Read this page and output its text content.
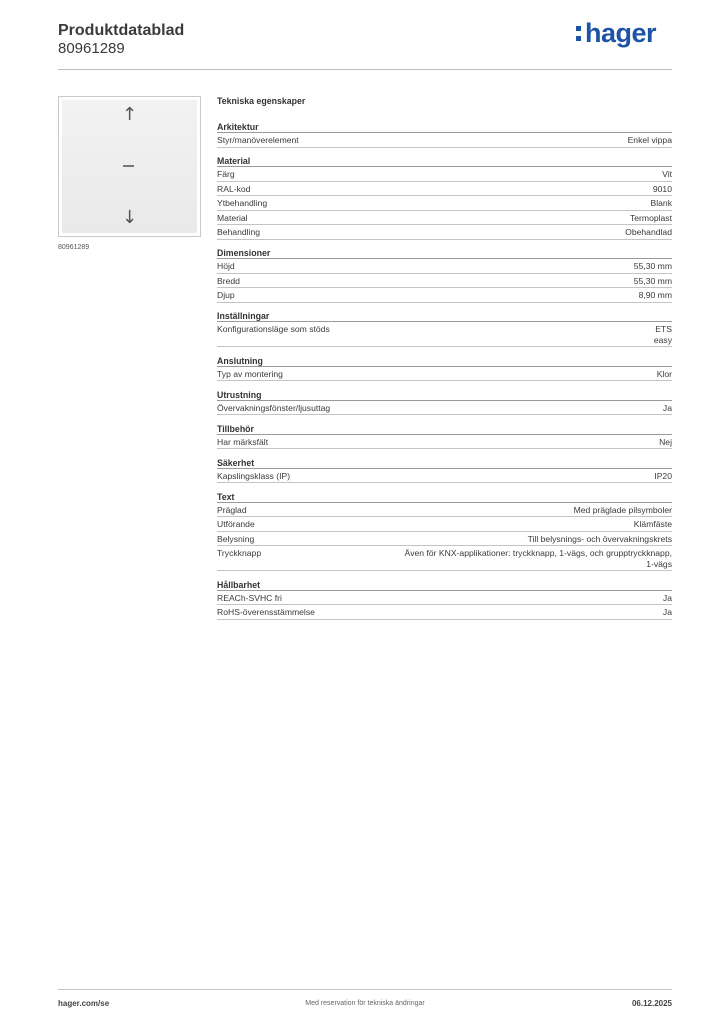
Produktdatablad
80961289
hager
↑
↓
80961289
Tekniska egenskaper
Arkitektur
Styr/manöverelement	Enkel vippa
Material
Färg	Vit
RAL-kod	9010
Ytbehandling	Blank
Material	Termoplast
Behandling	Obehandlad
Dimensioner
Höjd	55,30 mm
Bredd	55,30 mm
Djup	8,90 mm
Inställningar
Konfigurationsläge som stöds	ETS
easy
Anslutning
Typ av montering	Klor
Utrustning
Övervakningsfönster/ljusuttag	Ja
Tillbehör
Har märksfält	Nej
Säkerhet
Kapslingsklass (IP)	IP20
Text
Präglad	Med präglade pilsymboler
Utförande	Klämfäste
Belysning	Till belysnings- och övervakningskrets
Tryckknapp	Även för KNX-applikationer: tryckknapp, 1-vägs, och grupptryckknapp,
1-vägs
Hållbarhet
REACh-SVHC fri	Ja
RoHS-överensstämmelse	Ja
hager.com/se	Med reservation för tekniska ändringar	06.12.2025
